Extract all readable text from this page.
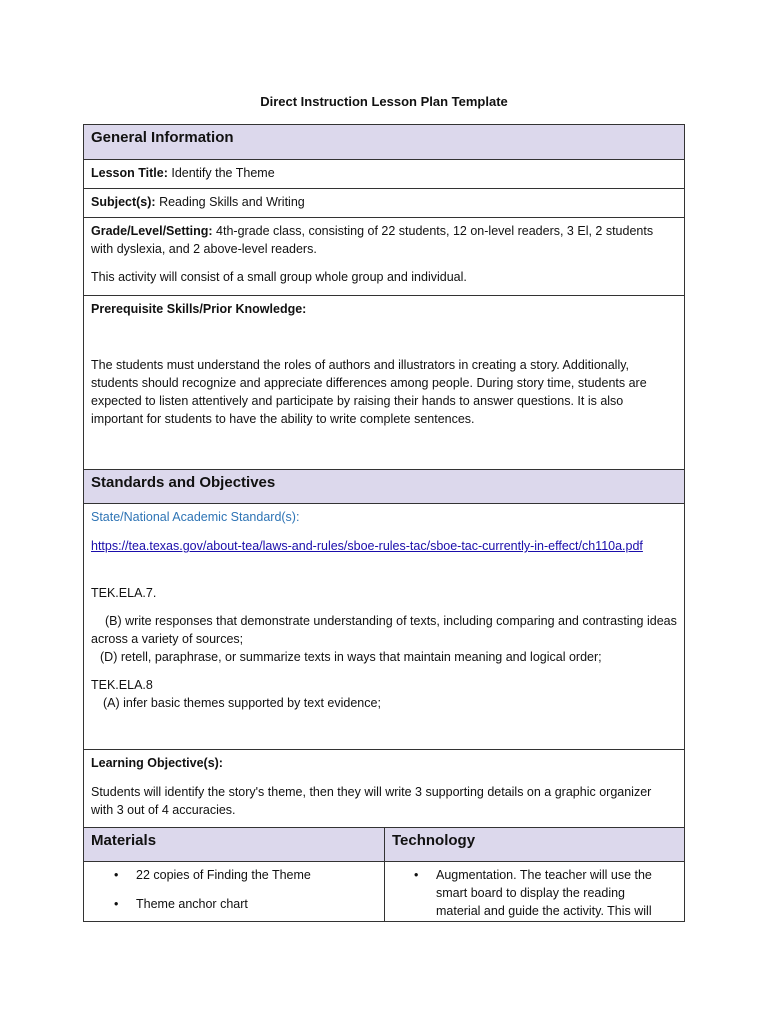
Direct Instruction Lesson Plan Template
General Information
Lesson Title: Identify the Theme
Subject(s): Reading Skills and Writing

Grade/Level/Setting: 4th-grade class, consisting of 22 students, 12 on-level readers, 3 El, 2 students with dyslexia, and 2 above-level readers.

This activity will consist of a small group whole group and individual.

Prerequisite Skills/Prior Knowledge:

The students must understand the roles of authors and illustrators in creating a story. Additionally, students should recognize and appreciate differences among people. During story time, students are expected to listen attentively and participate by raising their hands to answer questions. It is also important for students to have the ability to write complete sentences.

Standards and Objectives

State/National Academic Standard(s):

https://tea.texas.gov/about-tea/laws-and-rules/sboe-rules-tac/sboe-tac-currently-in-effect/ch110a.pdf

TEK.ELA.7.

(B) write responses that demonstrate understanding of texts, including comparing and contrasting ideas across a variety of sources;

(D) retell, paraphrase, or summarize texts in ways that maintain meaning and logical order;

TEK.ELA.8

(A) infer basic themes supported by text evidence;

Learning Objective(s):

Students will identify the story's theme, then they will write 3 supporting details on a graphic organizer with 3 out of 4 accuracies.

Materials	Technology
• 22 copies of Finding the Theme
• Theme anchor chart
• Augmentation. The teacher will use the smart board to display the reading material and guide the activity. This will
